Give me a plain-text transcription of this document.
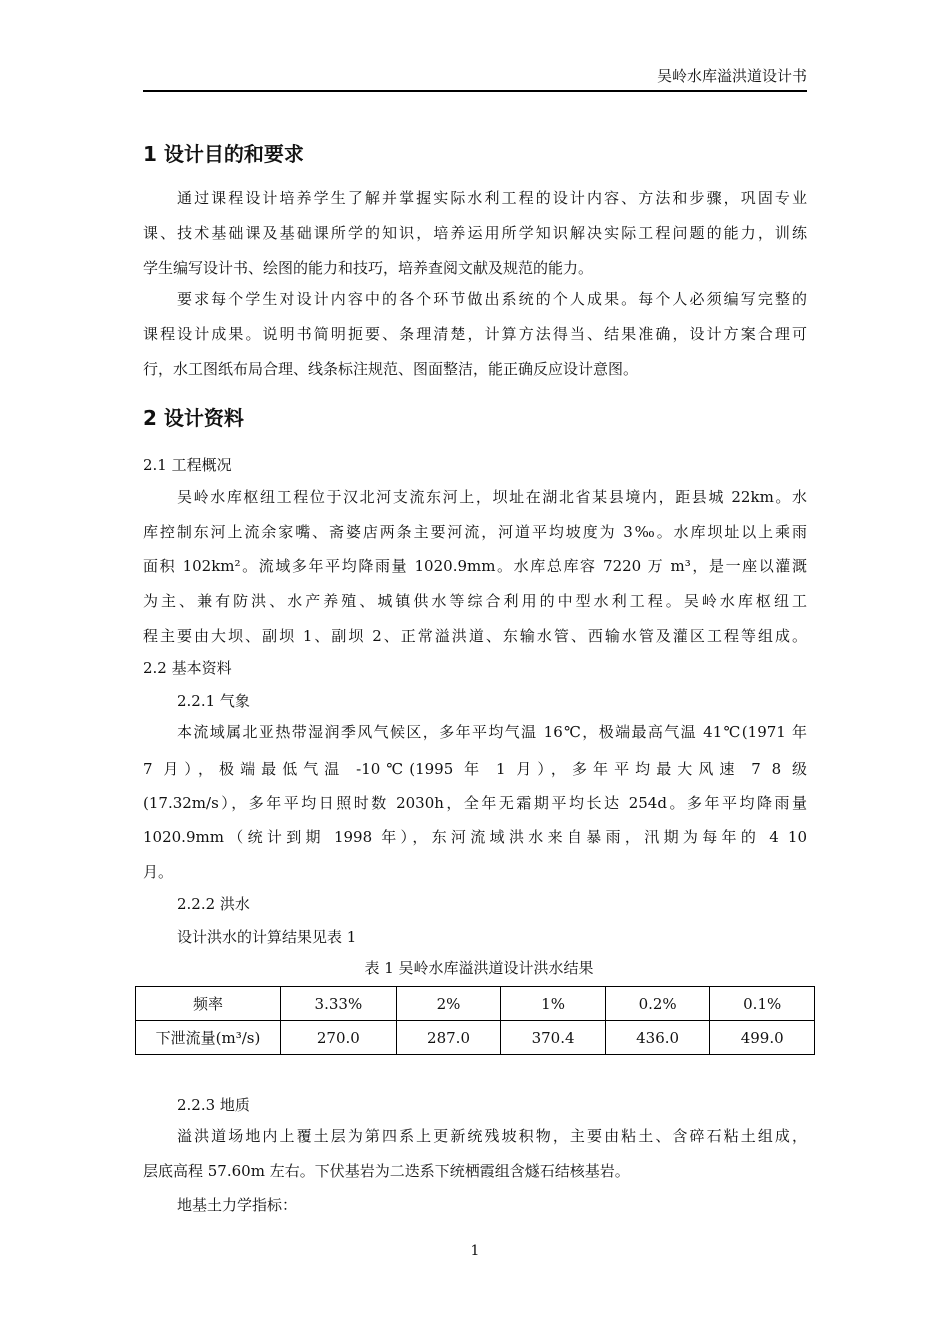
吴岭水库溢洪道设计书
1 设计目的和要求
通过课程设计培养学生了解并掌握实际水利工程的设计内容、方法和步骤，巩固专业
课、技术基础课及基础课所学的知识，培养运用所学知识解决实际工程问题的能力，训练
学生编写设计书、绘图的能力和技巧，培养查阅文献及规范的能力。
要求每个学生对设计内容中的各个环节做出系统的个人成果。每个人必须编写完整的
课程设计成果。说明书简明扼要、条理清楚，计算方法得当、结果准确，设计方案合理可
行，水工图纸布局合理、线条标注规范、图面整洁，能正确反应设计意图。
2 设计资料
2.1 工程概况
吴岭水库枢纽工程位于汉北河支流东河上，坝址在湖北省某县境内，距县城 22km。水
库控制东河上流余家嘴、斋婆店两条主要河流，河道平均坡度为 3‰。水库坝址以上乘雨
面积 102km²。流域多年平均降雨量 1020.9mm。水库总库容 7220 万 m³，是一座以灌溉
为主、兼有防洪、水产养殖、城镇供水等综合利用的中型水利工程。吴岭水库枢纽工
程主要由大坝、副坝 1、副坝 2、正常溢洪道、东输水管、西输水管及灌区工程等组成。
2.2 基本资料
2.2.1 气象
本流域属北亚热带湿润季风气候区，多年平均气温 16℃，极端最高气温 41℃(1971 年
7 月），极端最低气温 -10℃(1995 年 1 月），多年平均最大风速 7 8 级
(17.32m/s），多年平均日照时数 2030h，全年无霜期平均长达 254d。多年平均降雨量
1020.9mm（统计到期 1998 年），东河流域洪水来自暴雨，汛期为每年的 4 10
月。
2.2.2 洪水
设计洪水的计算结果见表 1
表 1 吴岭水库溢洪道设计洪水结果
频率	3.33%	2%	1%	0.2%	0.1%
下泄流量(m³/s)	270.0	287.0	370.4	436.0	499.0
2.2.3 地质
溢洪道场地内上覆土层为第四系上更新统残坡积物，主要由粘土、含碎石粘土组成，
层底高程 57.60m 左右。下伏基岩为二迭系下统栖霞组含燧石结核基岩。
地基土力学指标：
1
